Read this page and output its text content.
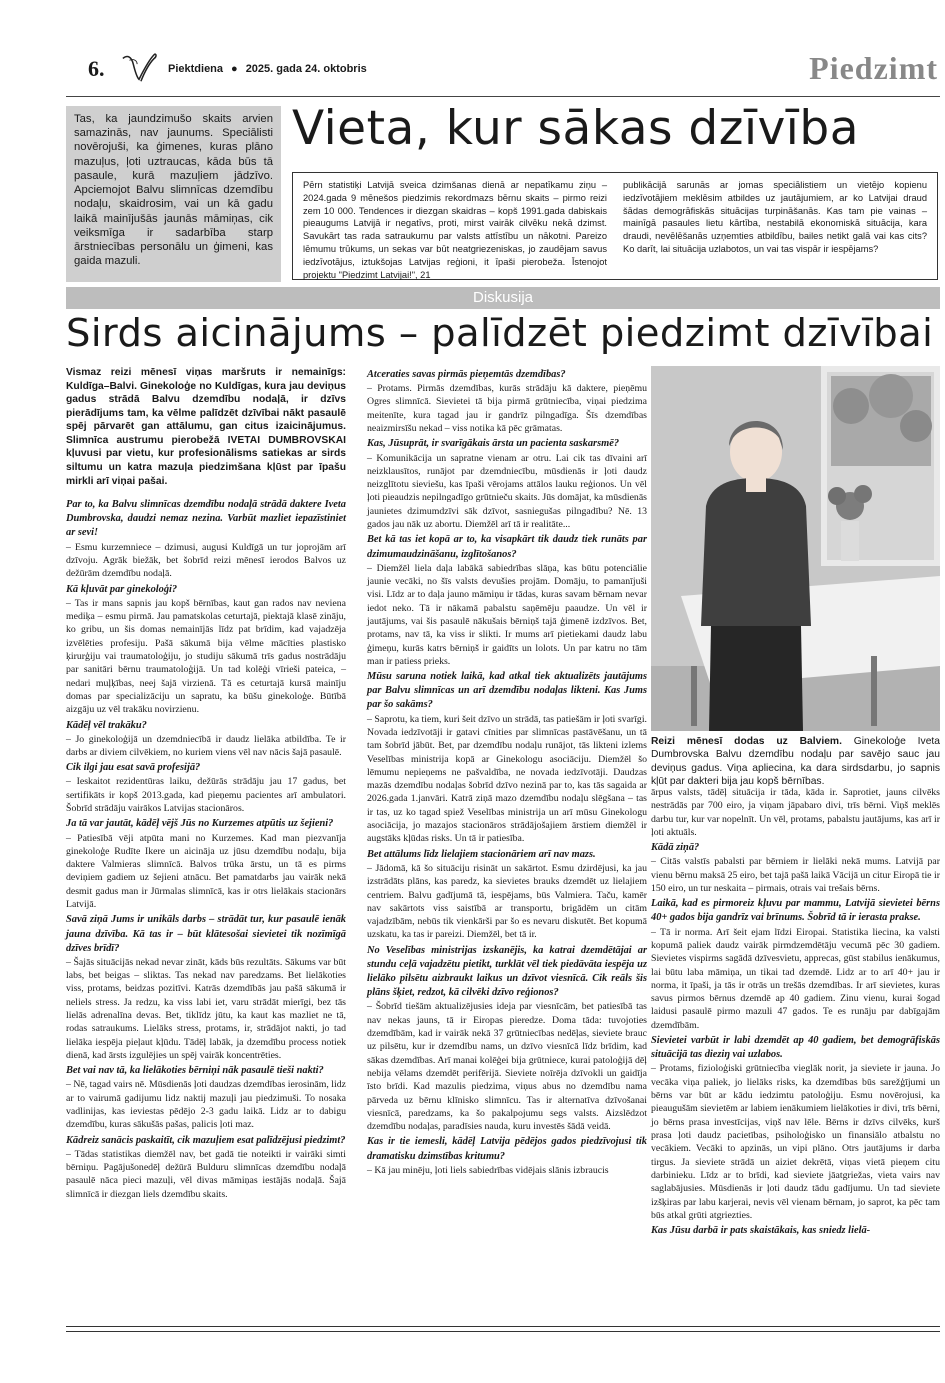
6.	Piektdiena ● 2025. gada 24. oktobris	Piedzimt
Tas, ka jaundzimušo skaits arvien samazinās, nav jaunums. Speciālisti novērojuši, ka ģimenes, kuras plāno mazuļus, ļoti uztraucas, kāda būs tā pasaule, kurā mazuļiem jādzīvo. Apciemojot Balvu slimnīcas dzemdību nodaļu, skaidrosim, vai un kā gadu laikā mainījušās jaunās māmiņas, cik veiksmīga ir sadarbība starp ārstniecības personālu un ģimeni, kas gaida mazuli.
Vieta, kur sākas dzīvība
Pērn statistiķi Latvijā sveica dzimšanas dienā ar nepatīkamu ziņu – 2024.gada 9 mēnešos piedzimis rekordmazs bērnu skaits – pirmo reizi zem 10 000. Tendences ir diezgan skaidras – kopš 1991.gada dabiskais pieaugums Latvijā ir negatīvs, proti, mirst vairāk cilvēku nekā dzimst. Savukārt tas rada satraukumu par valsts attīstību un nākotni. Pareizo lēmumu trūkums, un sekas var būt neatgriezeniskas, jo zaudējam savus iedzīvotājus, iztukšojas Latvijas reģioni, it īpaši pierobeža. Īstenojot projektu "Piedzimt Latvijai!", 21
publikācijā sarunās ar jomas speciālistiem un vietējo kopienu iedzīvotājiem meklēsim atbildes uz jautājumiem, ar ko Latvijai draud šādas demogrāfiskās situācijas turpināšanās. Kas tam pie vainas – mainīgā pasaules lietu kārtība, nestabilā ekonomiskā situācija, kara draudi, nevēlēšanās uzņemties atbildību, bailes netikt galā vai kas cits? Ko darīt, lai situācija uzlabotos, un vai tas vispār ir iespējams?
Diskusija
Sirds aicinājums – palīdzēt piedzimt dzīvībai

Vismaz reizi mēnesī viņas maršruts ir nemainīgs: Kuldīga–Balvi. Ginekoloģe no Kuldīgas, kura jau deviņus gadus strādā Balvu dzemdību nodaļā, ir dzīvs pierādījums tam, ka vēlme palīdzēt dzīvībai nākt pasaulē spēj pārvarēt gan attālumu, gan citus izaicinājumus. Slimnīca austrumu pierobežā IVETAI DUMBROVSKAI kļuvusi par vietu, kur profesionālisms satiekas ar sirds siltumu un katra mazuļa piedzimšana kļūst par īpašu mirkli arī viņai pašai.

Par to, ka Balvu slimnīcas dzemdību nodaļā strādā daktere Iveta Dumbrovska, daudzi nemaz nezina. Varbūt mazliet iepazīstiniet ar sevi!

– Esmu kurzemniece – dzimusi, augusi Kuldīgā un tur joprojām arī dzīvoju. Agrāk biežāk, bet šobrīd reizi mēnesī ierodos Balvos uz dežūrām dzemdību nodaļā.

Kā kļuvāt par ginekoloģi?

– Tas ir mans sapnis jau kopš bērnības, kaut gan rados nav neviena mediķa – esmu pirmā. Jau pamatskolas ceturtajā, piektajā klasē zināju, ko gribu, un šis domas nemainījās līdz pat brīdim, kad vajadzēja izvēlēties profesiju. Pašā sākumā bija vēlme mācīties plastisko ķirurģiju vai traumatoloģiju, jo studiju sākumā trīs gadus nostrādāju par sanitāri bērnu traumatoloģijā. Un tad kolēģi vīrieši pateica, – nedari muļķības, neej šajā virzienā. Tā es ceturtajā kursā mainīju domas par specializāciju un sapratu, ka būšu ginekoloģe. Būtībā aizgāju uz vēl trakāku novirzienu.

Kādēļ vēl trakāku?

– Jo ginekoloģijā un dzemdniecībā ir daudz lielāka atbildība. Te ir darbs ar diviem cilvēkiem, no kuriem viens vēl nav nācis šajā pasaulē.

Cik ilgi jau esat savā profesijā?

– Ieskaitot rezidentūras laiku, dežūrās strādāju jau 17 gadus, bet sertifikāts ir kopš 2013.gada, kad pieņemu pacientes arī ambulatori. Šobrīd strādāju vairākos Latvijas stacionāros.

Ja tā var jautāt, kādēļ vējš Jūs no Kurzemes atpūtis uz šejieni?

– Patiesībā vēji atpūta mani no Kurzemes. Kad man piezvanīja ginekoloģe Rudīte Ikere un aicināja uz jūsu dzemdību nodaļu, bija daktere Valmieras slimnīcā. Balvos trūka ārstu, un tā es pirms deviņiem gadiem uz šejieni atnācu. Bet pamatdarbs jau vairāk nekā desmit gadus man ir Jūrmalas slimnīcā, kas ir otrs lielākais stacionārs Latvijā.

Savā ziņā Jums ir unikāls darbs – strādāt tur, kur pasaulē ienāk jauna dzīvība. Kā tas ir – būt klātesošai sievietei tik nozīmīgā dzīves brīdī?

– Šajās situācijās nekad nevar zināt, kāds būs rezultāts. Sākums var būt labs, bet beigas – sliktas. Tas nekad nav paredzams. Bet lielākoties viss, protams, beidzas pozitīvi. Katrās dzemdībās jau pašā sākumā ir neliels stress. Ja redzu, ka viss labi iet, varu strādāt mierīgi, bez tās lielās adrenalīna devas. Bet, tiklīdz jūtu, ka kaut kas mazliet ne tā, rodas satraukums. Lielāks stress, protams, ir, strādājot nakti, jo tad lielāka iespēja pieļaut kļūdu. Tādēļ labāk, ja dzemdību process notiek dienā, kad ārsts izgulējies un spēj vairāk koncentrēties.

Bet vai nav tā, ka lielākoties bērniņi nāk pasaulē tieši nakti?

– Nē, tagad vairs nē. Mūsdienās ļoti daudzas dzemdības ierosinām, lidz ar to vairumā gadijumu lidz naktij mazuļi jau piedzimuši. To nosaka vadlinijas, kas ieviestas pēdējo 2-3 gadu laikā. Lidz ar to dabigu dzemdību, kuras sākušās pašas, palicis ļoti maz.

Kādreiz sanācis paskaitīt, cik mazuļiem esat palīdzējusi piedzimt?

– Tādas statistikas diemžēl nav, bet gadā tie noteikti ir vairāki simti bērniņu. Pagājušonedēļ dežūrā Bulduru slimnīcas dzemdību nodaļā pasaulē nāca pieci mazuļi, vēl divas māmiņas iestājās nodaļā. Šajā slimnīcā ir diezgan liels dzemdību skaits.

Atceraties savas pirmās pieņemtās dzemdības?

– Protams. Pirmās dzemdības, kurās strādāju kā daktere, pieņēmu Ogres slimnīcā. Sievietei tā bija pirmā grūtniecība, viņai piedzima meitenīte, kura tagad jau ir gandrīz pilngadīga. Šīs dzemdības neaizmirsīšu nekad – viss notika kā pēc grāmatas.

Kas, Jūsuprāt, ir svarīgākais ārsta un pacienta saskarsmē?

– Komunikācija un sapratne vienam ar otru. Lai cik tas dīvaini arī neizklausītos, runājot par dzemdniecību, mūsdienās ir ļoti daudz neizglītotu sieviešu, kas īpaši vērojams attālos lauku reģionos. Un vēl ļoti pieaudzis nepilngadīgo grūtnieču skaits. Jūs domājat, ka mūsdienās jaunietes dzimumdzīvi sāk dzīvot, sasniegušas pilngadību? Nē. 13 gados jau nāk uz abortu. Diemžēl arī tā ir realitāte...

Bet kā tas iet kopā ar to, ka visapkārt tik daudz tiek runāts par dzimumaudzināšanu, izglītošanos?

– Diemžēl liela daļa labākā sabiedrības slāņa, kas būtu potenciālie jaunie vecāki, no šīs valsts devušies projām. Domāju, to pamanījuši visi. Līdz ar to daļa jauno māmiņu ir tādas, kuras savam bērnam nevar iedot neko. Tā ir nākamā pabalstu saņēmēju paaudze. Un vēl ir jautājums, vai šis pasaulē nākušais bērniņš tajā ģimenē izdzīvos. Bet, protams, nav tā, ka viss ir slikti. Ir mums arī pietiekami daudz labu ģimeņu, kurās katrs bērniņš ir gaidīts un lolots. Un par katru no tām man ir patiess prieks.

Mūsu saruna notiek laikā, kad atkal tiek aktualizēts jautājums par Balvu slimnīcas un arī dzemdību nodaļas likteni. Kas Jums par šo sakāms?

– Saprotu, ka tiem, kuri šeit dzīvo un strādā, tas patiešām ir ļoti svarīgi. Novada iedzīvotāji ir gatavi cīnities par slimnīcas pastāvēšanu, un tā tam šobrīd jābūt. Bet, par dzemdību nodaļu runājot, tās likteni izlems Veselības ministrija kopā ar Ginekologu asociāciju. Diemžēl šo lēmumu nepieņems ne pašvaldība, ne novada iedzīvotāji. Daudzas mazās dzemdību nodaļas šobrīd dzīvo nezinā par to, kas tās sagaida ar 2026.gada 1.janvāri. Katrā ziņā mazo dzemdību nodaļu slēgšana – tas ir tas, uz ko tagad spiež Veselības ministrija un arī mūsu Ginekologu asociācija, jo mazajos stacionāros strādājošajiem ārstiem diemžēl ir augstāks kļūdas risks. Un tā ir patiesība.

Bet attālums līdz lielajiem stacionāriem arī nav mazs.

– Jādomā, kā šo situāciju risināt un sakārtot. Esmu dzirdējusi, ka jau izstrādāts plāns, kas paredz, ka sievietes brauks dzemdēt uz lielajiem centriem. Balvu gadījumā tā, iespējams, būs Valmiera. Taču, kamēr nav sakārtots viss saistībā ar transportu, brigādēm un citām vajadzībām, nebūs tik vienkārši par šo es nevaru diskutēt. Bet kopumā uzskatu, ka tas ir pareizi. Diemžēl, bet tā ir.

No Veselības ministrijas izskanējis, ka katrai dzemdētājai ar stundu ceļā vajadzētu pietikt, turklāt vēl tiek piedāvāta iespēja uz lielāko pilsētu aizbraukt laikus un dzīvot viesnīcā. Cik reāls šis plāns šķiet, redzot, kā cilvēki dzīvo reģionos?

– Šobrīd tiešām aktualizējusies ideja par viesnīcām, bet patiesībā tas nav nekas jauns, tā ir Eiropas pieredze. Doma tāda: tuvojoties dzemdībām, kad ir vairāk nekā 37 grūtniecības nedēļas, sieviete brauc uz pilsētu, kur ir dzemdību nams, un dzīvo viesnīcā līdz brīdim, kad sākas dzemdības. Arī manai kolēģei bija grūtniece, kurai patoloģijā dēļ nebija vēlams dzemdēt perifērijā. Sieviete noīrēja dzīvokli un gaidīja īsto brīdi. Kad mazulis piedzima, viņus abus no dzemdību nama pārveda uz bērnu klīnisko slimnīcu. Tas ir alternatīva dzīvošanai viesnīcā, paredzams, ka šo pakalpojumu segs valsts. Aizslēdzot dzemdību nodaļas, paradīsies nauda, kuru investēs šādā veidā.

Kas ir tie iemesli, kādēļ Latvija pēdējos gados piedzīvojusi tik dramatisku dzimstības kritumu?

– Kā jau minēju, ļoti liels sabiedrības vidējais slānis izbraucis

Reizi mēnesī dodas uz Balviem. Ginekoloģe Iveta Dumbrovska Balvu dzemdību nodaļu par savējo sauc jau deviņus gadus. Viņa apliecina, ka dara sirdsdarbu, jo sapnis kļūt par dakteri bija jau kopš bērnības.

ārpus valsts, tādēļ situācija ir tāda, kāda ir. Saprotiet, jauns cilvēks nestrādās par 700 eiro, ja viņam jāpabaro divi, trīs bērni. Viņš meklēs darbu tur, kur var nopelnīt. Un vēl, protams, pabalstu jautājums, kas arī ir ļoti aktuāls.

Kādā ziņā?

– Citās valstīs pabalsti par bērniem ir lielāki nekā mums. Latvijā par vienu bērnu maksā 25 eiro, bet tajā pašā laikā Vācijā un citur Eiropā tie ir 150 eiro, un tur neskaita – pirmais, otrais vai trešais bērns.

Laikā, kad es pirmoreiz kļuvu par mammu, Latvijā sievietei bērns 40+ gados bija gandrīz vai brīnums. Šobrīd tā ir ierasta prakse.

– Tā ir norma. Arī šeit ejam līdzi Eiropai. Statistika liecina, ka valsti kopumā paliek daudz vairāk pirmdzemdētāju vecumā pēc 30 gadiem. Sievietes vispirms sagādā dzīvesvietu, apprecas, gūst stabilus ienākumus, lai būtu laba māmiņa, un tikai tad dzemdē. Lidz ar to arī 40+ jau ir norma, it īpaši, ja tās ir otrās un trešās dzemdības. Ir arī sievietes, kuras savus pirmos bērnus dzemdē ap 40 gadiem. Zinu vienu, kurai šogad laidusi pasaulē pirmo mazuli 47 gados. Te es runāju par dabīgajām dzemdībām.

Sievietei varbūt ir labi dzemdēt ap 40 gadiem, bet demogrāfiskās situācijā tas dieziŋ vai uzlabos.

– Protams, fizioloģiski grūtniecība vieglāk norit, ja sieviete ir jauna. Jo vecāka viņa paliek, jo lielāks risks, ka dzemdības būs sarežģījumi un bērns var būt ar kādu iedzimtu patoloģiju. Esmu novērojusi, ka pieaugušām sievietēm ar labiem ienākumiem lielākoties ir divi, trīs bērni, jo bērns prasa investīcijas, viņš nav lēle. Bērns ir dzīvs cilvēks, kurš prasa ļoti daudz pacietības, psiholoģisko un finansiālo atbalstu no vecākiem. Vecāki to apzinās, un vipi plāno. Otrs jautājums ir darba tirgus. Ja sieviete strādā un aiziet dekrētā, viņas vietā pieņem citu darbinieku. Līdz ar to brīdi, kad sieviete jāatgriežas, vieta vairs nav saglabājusies. Mūsdienās ir ļoti daudz tādu gadījumu. Un tad sieviete izšķiras par labu karjerai, nevis vēl vienam bērnam, jo saprot, ka pēc tam būs atkal grūti atgriezties.

Kas Jūsu darbā ir pats skaistākais, kas sniedz lielā-
